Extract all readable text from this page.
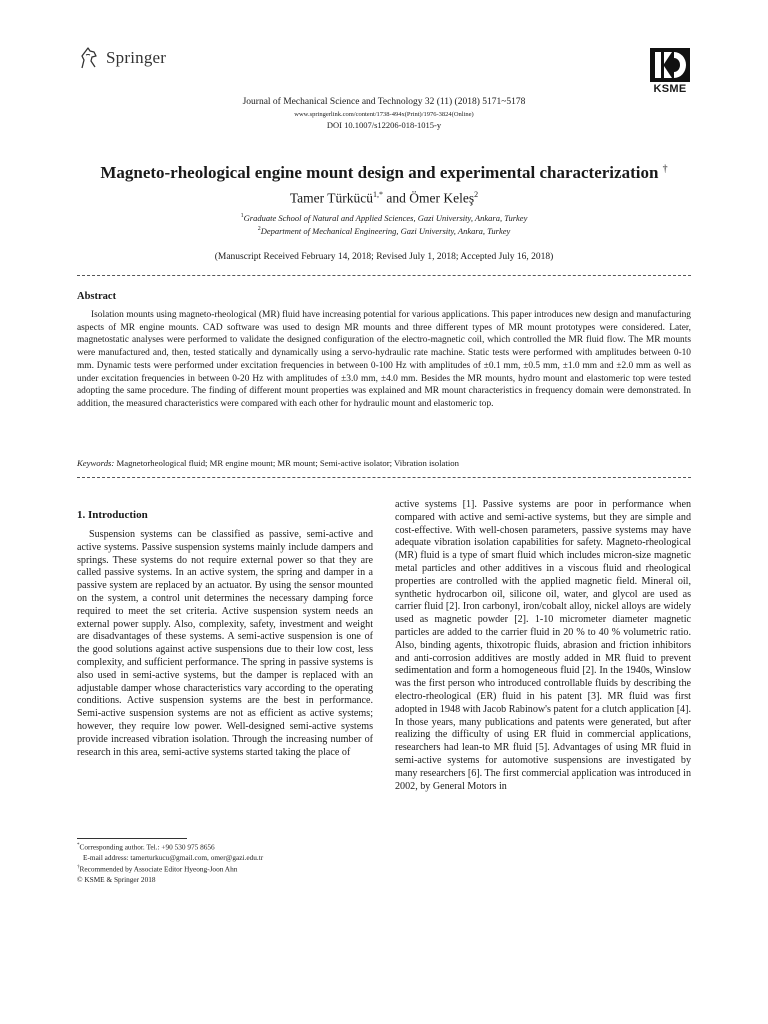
Springer
KSME
Journal of Mechanical Science and Technology 32 (11) (2018) 5171~5178
www.springerlink.com/content/1738-494x(Print)/1976-3824(Online)
DOI 10.1007/s12206-018-1015-y
Magneto-rheological engine mount design and experimental characterization †
Tamer Türkücü$^{1,*}$ and Ömer Keleş$^2$
$^1$Graduate School of Natural and Applied Sciences, Gazi University, Ankara, Turkey
$^2$Department of Mechanical Engineering, Gazi University, Ankara, Turkey
(Manuscript Received February 14, 2018; Revised July 1, 2018; Accepted July 16, 2018)
Abstract

Isolation mounts using magneto-rheological (MR) fluid have increasing potential for various applications. This paper introduces new design and manufacturing aspects of MR engine mounts. CAD software was used to design MR mounts and three different types of MR mount prototypes were considered. Later, magnetostatic analyses were performed to validate the designed configuration of the electro-magnetic coil, which controlled the MR fluid flow. The MR mounts were manufactured and, then, tested statically and dynamically using a servo-hydraulic rate machine. Static tests were performed with amplitudes between 0-10 mm. Dynamic tests were performed under excitation frequencies in between 0-100 Hz with amplitudes of ±0.1 mm, ±0.5 mm, ±1.0 mm and ±2.0 mm as well as under excitation frequencies in between 0-20 Hz with amplitudes of ±3.0 mm, ±4.0 mm. Besides the MR mounts, hydro mount and elastomeric top were tested adopting the same procedure. The finding of different mount properties was explained and MR mount characteristics in frequency domain were demonstrated. In addition, the measured characteristics were compared with each other for hydraulic mount and elastomeric top.

Keywords: Magnetorheological fluid; MR engine mount; MR mount; Semi-active isolator; Vibration isolation
1. Introduction

Suspension systems can be classified as passive, semi-active and active systems. Passive suspension systems mainly include dampers and springs. These systems do not require external power so that they are called passive systems. In an active system, the spring and damper in a passive system are replaced by an actuator. By using the sensor mounted on the system, a control unit determines the necessary damping force required to meet the set criteria. Active suspension system needs an external power supply. Also, complexity, safety, investment and weight are disadvantages of these systems. A semi-active suspension is one of the good solutions against active suspensions due to their low cost, less complexity, and sufficient performance. The spring in passive systems is also used in semi-active systems, but the damper is replaced with an adjustable damper whose characteristics vary according to the operating conditions. Active suspension systems are the best in performance. Semi-active suspension systems are not as efficient as active systems; however, they require low power. Well-designed semi-active systems provide increased vibration isolation. Through the increasing number of research in this area, semi-active systems started taking the place of

active systems [1]. Passive systems are poor in performance when compared with active and semi-active systems, but they are simple and cost-effective. With well-chosen parameters, passive systems may have adequate vibration isolation capabilities for safety. Magneto-rheological (MR) fluid is a type of smart fluid which includes micron-size magnetic metal particles and other additives in a viscous fluid and rheological properties are controlled with the applied magnetic field. Mineral oil, synthetic hydrocarbon oil, silicone oil, water, and glycol are used as carrier fluid [2]. Iron carbonyl, iron/cobalt alloy, nickel alloys are widely used as magnetic powder [2]. 1-10 micrometer diameter magnetic particles are added to the carrier fluid in 20 % to 40 % volumetric ratio. Also, binding agents, thixotropic fluids, abrasion and friction inhibitors and anti-corrosion additives are mostly added in MR fluid to prevent sedimentation and form a homogeneous fluid [2]. In the 1940s, Winslow was the first person who introduced controllable fluids by describing the electro-rheological (ER) fluid in his patent [3]. MR fluid was first adopted in 1948 with Jacob Rabinow's patent for a clutch application [4]. In those years, many publications and patents were generated, but after realizing the difficulty of using ER fluid in commercial applications, researchers had lean-to MR fluid [5]. Advantages of using MR fluid in semi-active systems for automotive suspensions are investigated by many researchers [6]. The first commercial application was introduced in 2002, by General Motors in

*Corresponding author. Tel.: +90 530 975 8656
E-mail address: tamerturkucu@gmail.com, omer@gazi.edu.tr
†Recommended by Associate Editor Hyeong-Joon Ahn
© KSME & Springer 2018
